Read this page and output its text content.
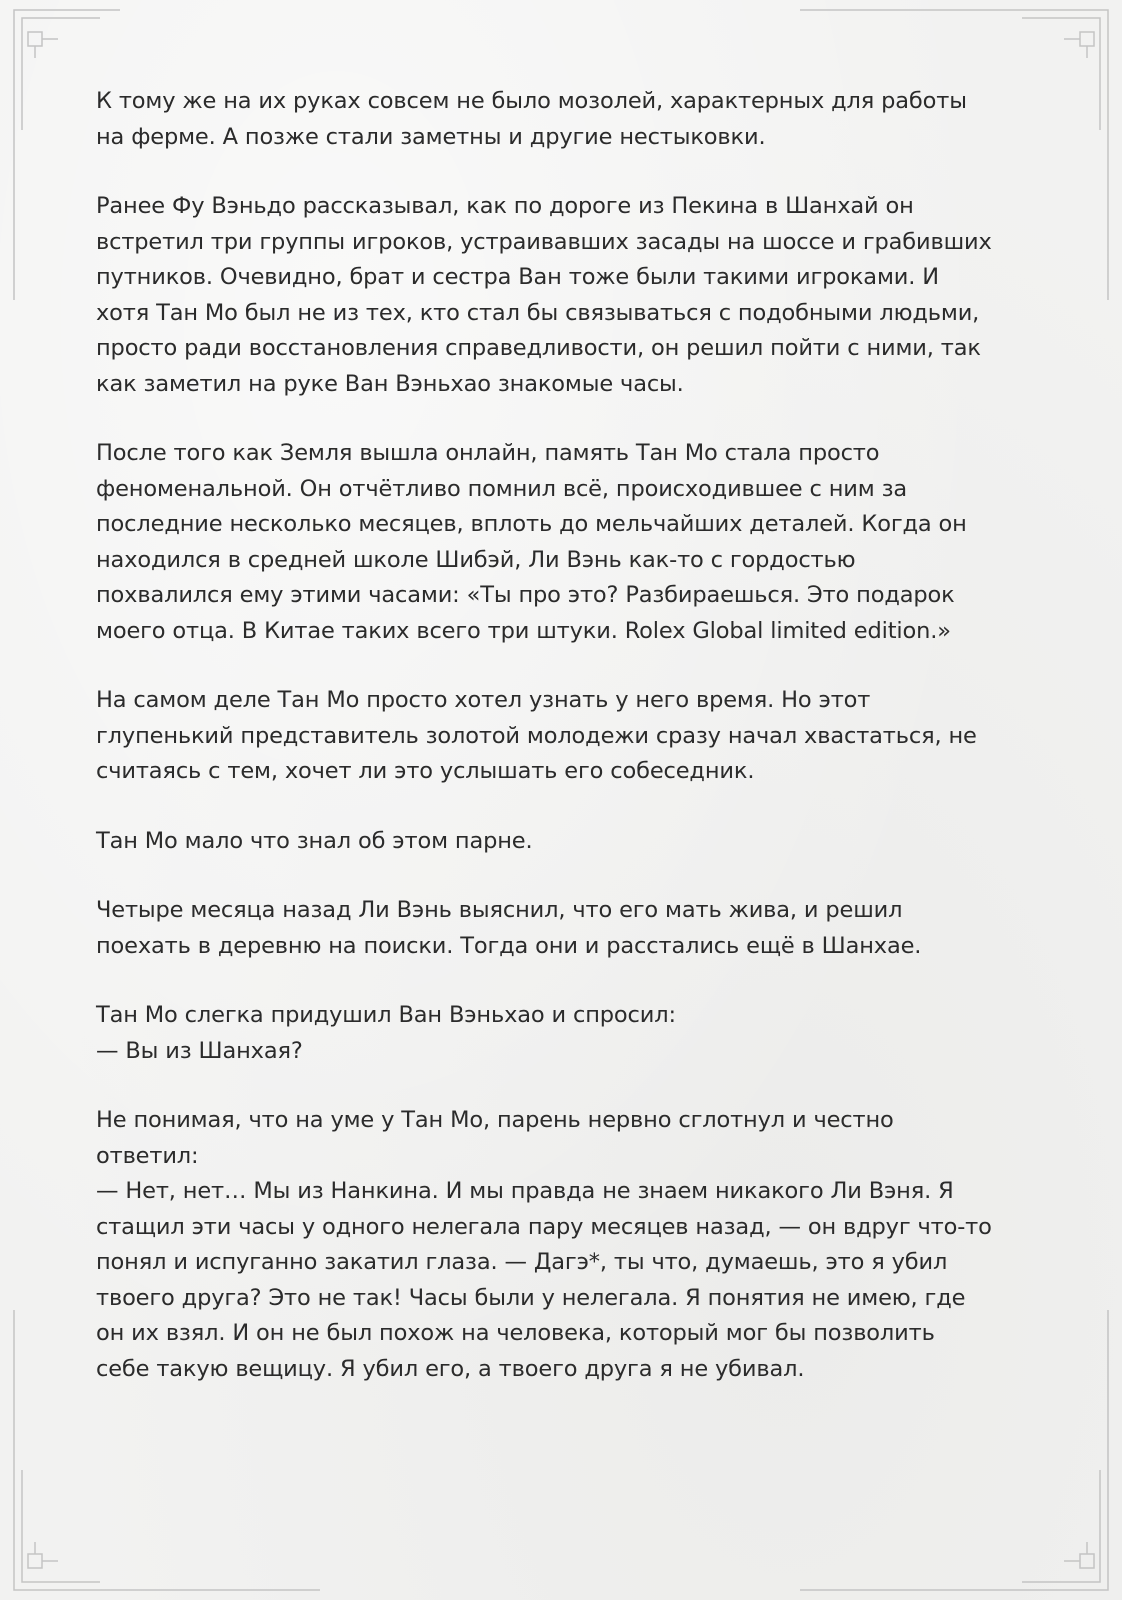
К тому же на их руках совсем не было мозолей, характерных для работы
на ферме. А позже стали заметны и другие нестыковки.

Ранее Фу Вэньдо рассказывал, как по дороге из Пекина в Шанхай он
встретил три группы игроков, устраивавших засады на шоссе и грабивших
путников. Очевидно, брат и сестра Ван тоже были такими игроками. И
хотя Тан Мо был не из тех, кто стал бы связываться с подобными людьми,
просто ради восстановления справедливости, он решил пойти с ними, так
как заметил на руке Ван Вэньхао знакомые часы.

После того как Земля вышла онлайн, память Тан Мо стала просто
феноменальной. Он отчётливо помнил всё, происходившее с ним за
последние несколько месяцев, вплоть до мельчайших деталей. Когда он
находился в средней школе Шибэй, Ли Вэнь как-то с гордостью
похвалился ему этими часами: «Ты про это? Разбираешься. Это подарок
моего отца. В Китае таких всего три штуки. Rolex Global limited edition.»

На самом деле Тан Мо просто хотел узнать у него время. Но этот
глупенький представитель золотой молодежи сразу начал хвастаться, не
считаясь с тем, хочет ли это услышать его собеседник.

Тан Мо мало что знал об этом парне.

Четыре месяца назад Ли Вэнь выяснил, что его мать жива, и решил
поехать в деревню на поиски. Тогда они и расстались ещё в Шанхае.

Тан Мо слегка придушил Ван Вэньхао и спросил:
— Вы из Шанхая?

Не понимая, что на уме у Тан Мо, парень нервно сглотнул и честно
ответил:
— Нет, нет… Мы из Нанкина. И мы правда не знаем никакого Ли Вэня. Я
стащил эти часы у одного нелегала пару месяцев назад, — он вдруг что-то
понял и испуганно закатил глаза. — Дагэ*, ты что, думаешь, это я убил
твоего друга? Это не так! Часы были у нелегала. Я понятия не имею, где
он их взял. И он не был похож на человека, который мог бы позволить
себе такую вещицу. Я убил его, а твоего друга я не убивал.
